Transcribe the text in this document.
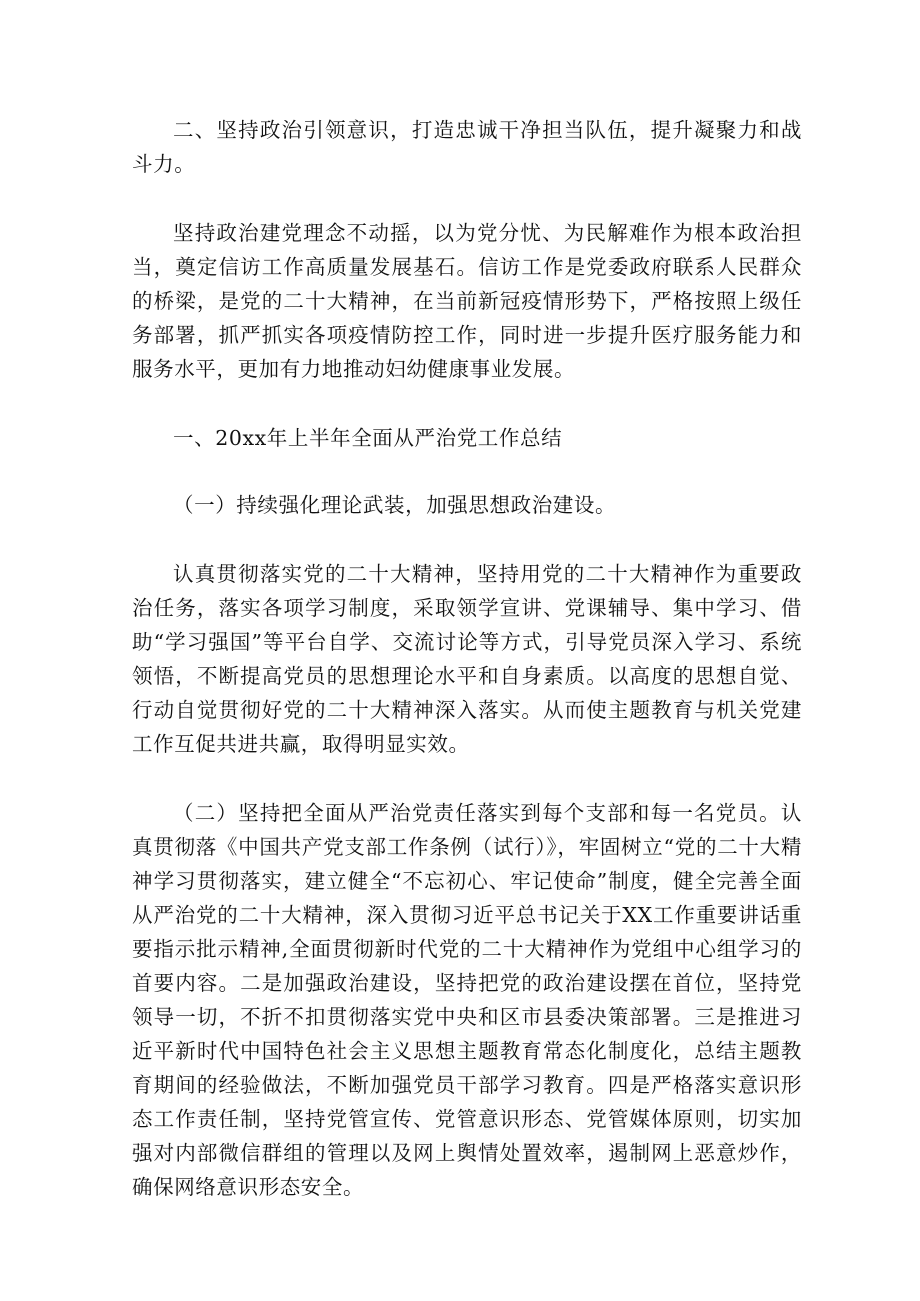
二、坚持政治引领意识，打造忠诚干净担当队伍，提升凝聚力和战斗力。

坚持政治建党理念不动摇，以为党分忧、为民解难作为根本政治担当，奠定信访工作高质量发展基石。信访工作是党委政府联系人民群众的桥梁，是党的二十大精神，在当前新冠疫情形势下，严格按照上级任务部署，抓严抓实各项疫情防控工作，同时进一步提升医疗服务能力和服务水平，更加有力地推动妇幼健康事业发展。

一、20xx年上半年全面从严治党工作总结

（一）持续强化理论武装，加强思想政治建设。

认真贯彻落实党的二十大精神，坚持用党的二十大精神作为重要政治任务，落实各项学习制度，采取领学宣讲、党课辅导、集中学习、借助“学习强国”等平台自学、交流讨论等方式，引导党员深入学习、系统领悟，不断提高党员的思想理论水平和自身素质。以高度的思想自觉、行动自觉贯彻好党的二十大精神深入落实。从而使主题教育与机关党建工作互促共进共赢，取得明显实效。

（二）坚持把全面从严治党责任落实到每个支部和每一名党员。认真贯彻落《中国共产党支部工作条例（试行）》，牢固树立“党的二十大精神学习贯彻落实，建立健全“不忘初心、牢记使命”制度，健全完善全面从严治党的二十大精神，深入贯彻习近平总书记关于XX工作重要讲话重要指示批示精神,全面贯彻新时代党的二十大精神作为党组中心组学习的首要内容。二是加强政治建设，坚持把党的政治建设摆在首位，坚持党领导一切，不折不扣贯彻落实党中央和区市县委决策部署。三是推进习近平新时代中国特色社会主义思想主题教育常态化制度化，总结主题教育期间的经验做法，不断加强党员干部学习教育。四是严格落实意识形态工作责任制，坚持党管宣传、党管意识形态、党管媒体原则，切实加强对内部微信群组的管理以及网上舆情处置效率，遏制网上恶意炒作，确保网络意识形态安全。
